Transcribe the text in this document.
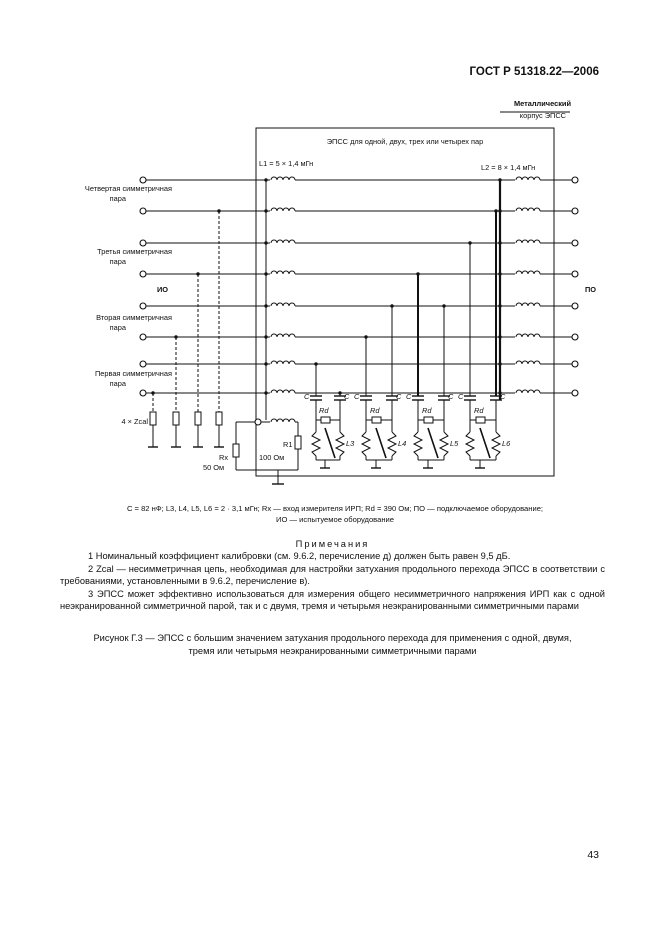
ГОСТ Р 51318.22—2006
Металлический
корпус ЭПСС
ЭПСС для одной, двух, трех или четырех пар
L1 = 5 × 1,4 мГн	L2 = 8 × 1,4 мГн
Четвертая симметричная
пара
Третья симметричная
пара
Вторая симметричная
пара
Первая симметричная
пара
ИО	ПО
4 × Zcal
Rx
50 Ом
R1
100 Ом
C	C
Rd
L3
C	C
Rd
L4
C	C
Rd
L5
C	C
Rd
L6
C = 82 нФ; L3, L4, L5, L6 = 2 · 3,1 мГн; Rx — вход измерителя ИРП; Rd = 390 Ом; ПО — подключаемое оборудование;
ИО — испытуемое оборудование

Примечания

1 Номинальный коэффициент калибровки (см. 9.6.2, перечисление д) должен быть равен 9,5 дБ.

2 Zcal — несимметричная цепь, необходимая для настройки затухания продольного перехода ЭПСС в соответствии с требованиями, установленными в 9.6.2, перечисление в).

3 ЭПСС может эффективно использоваться для измерения общего несимметричного напряжения ИРП как с одной неэкранированной симметричной парой, так и с двумя, тремя и четырьмя неэкранированными симметричными парами

Рисунок Г.3 — ЭПСС с большим значением затухания продольного перехода для применения с одной, двумя,
тремя или четырьмя неэкранированными симметричными парами
43
